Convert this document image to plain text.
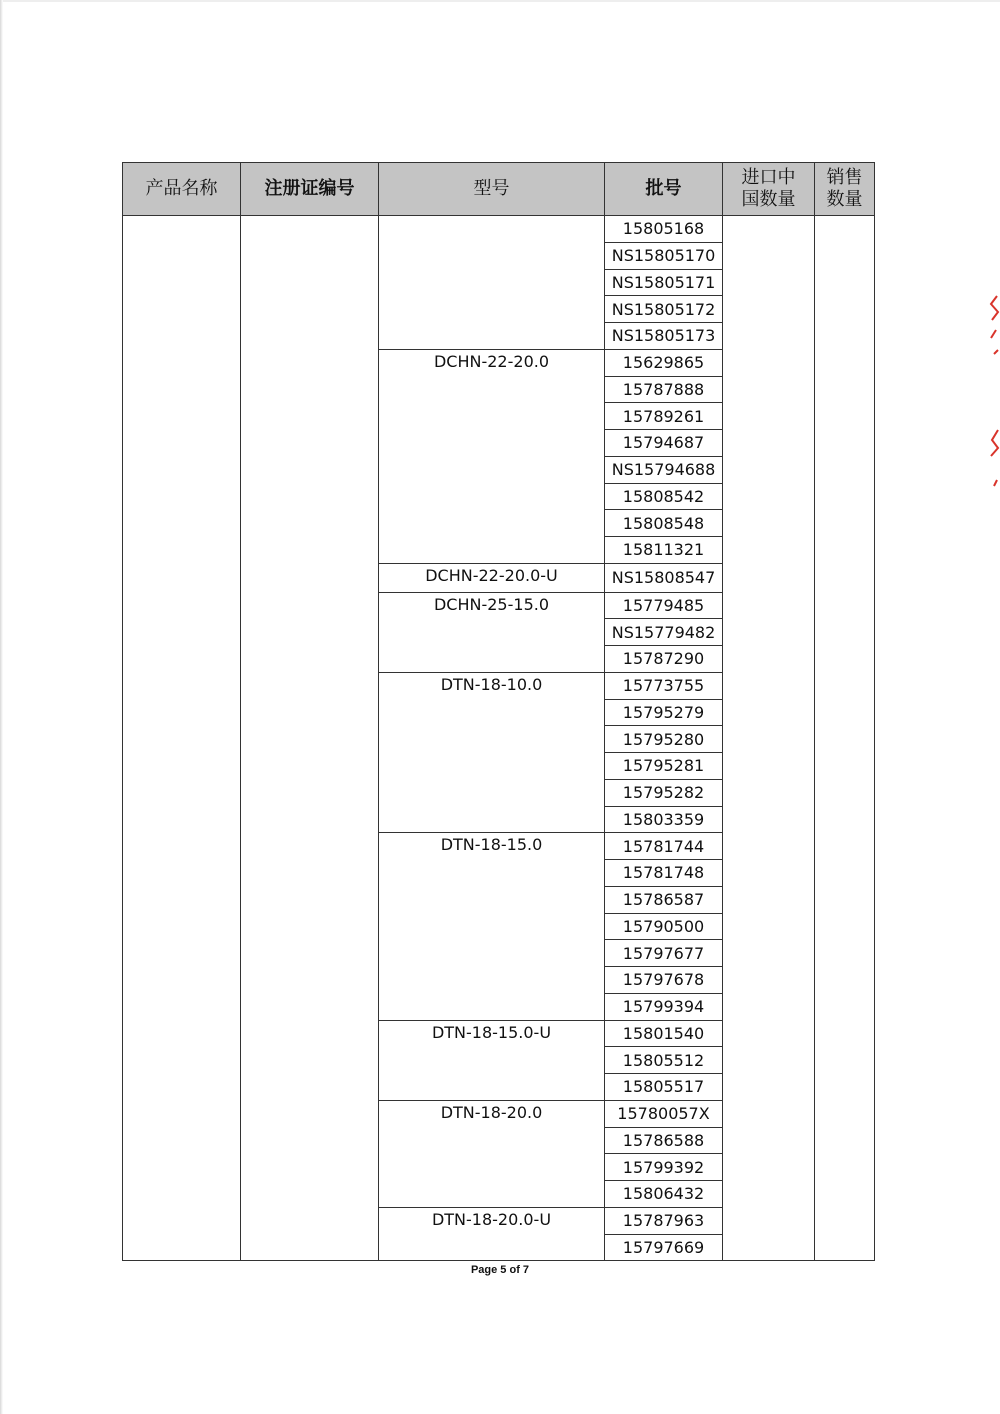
产品名称	注册证编号	型号	批号	进口中国数量	销售数量
			15805168		
			NS15805170		
			NS15805171		
			NS15805172		
			NS15805173		
		DCHN-22-20.0	15629865		
			15787888		
			15789261		
			15794687		
			NS15794688		
			15808542		
			15808548		
			15811321		
		DCHN-22-20.0-U	NS15808547		
		DCHN-25-15.0	15779485		
			NS15779482		
			15787290		
		DTN-18-10.0	15773755		
			15795279		
			15795280		
			15795281		
			15795282		
			15803359		
		DTN-18-15.0	15781744		
			15781748		
			15786587		
			15790500		
			15797677		
			15797678		
			15799394		
		DTN-18-15.0-U	15801540		
			15805512		
			15805517		
		DTN-18-20.0	15780057X		
			15786588		
			15799392		
			15806432		
		DTN-18-20.0-U	15787963		
			15797669		
Page 5 of 7
